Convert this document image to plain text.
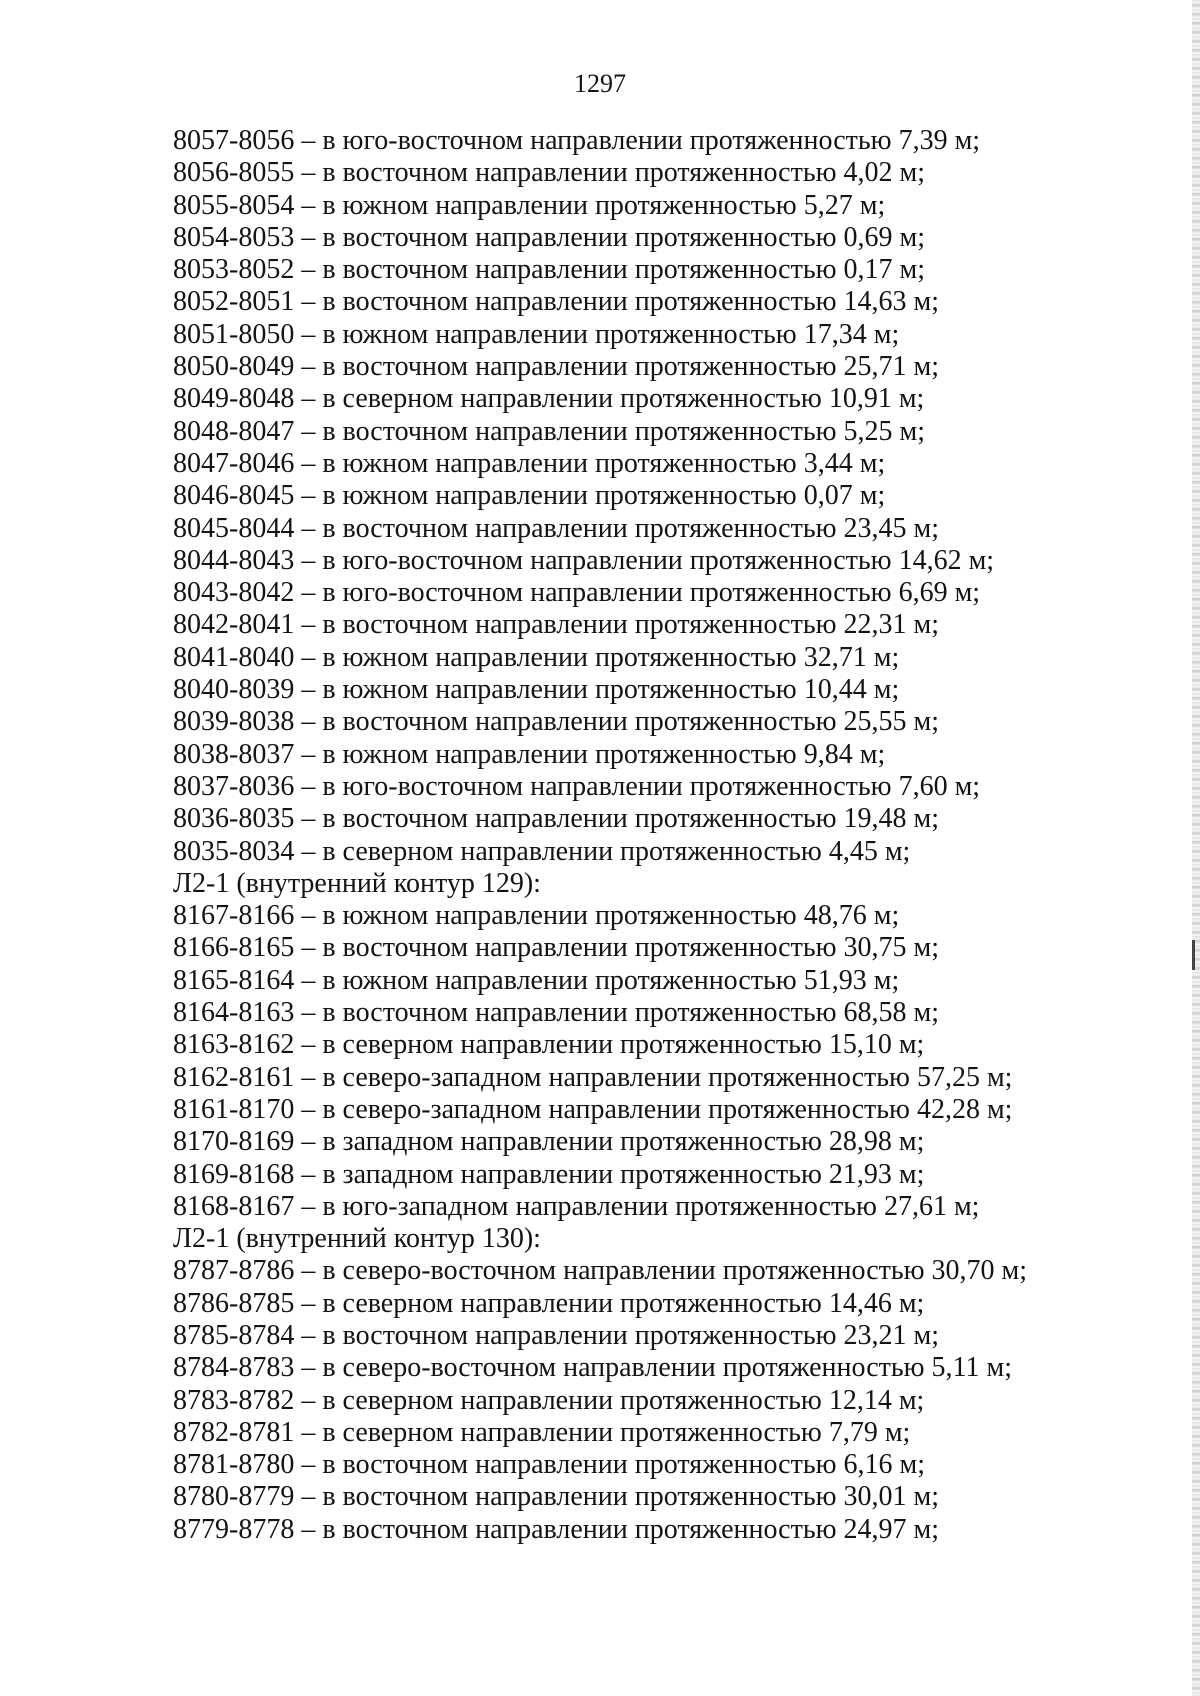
1297
8057-8056 – в юго-восточном направлении протяженностью 7,39 м;
8056-8055 – в восточном направлении протяженностью 4,02 м;
8055-8054 – в южном направлении протяженностью 5,27 м;
8054-8053 – в восточном направлении протяженностью 0,69 м;
8053-8052 – в восточном направлении протяженностью 0,17 м;
8052-8051 – в восточном направлении протяженностью 14,63 м;
8051-8050 – в южном направлении протяженностью 17,34 м;
8050-8049 – в восточном направлении протяженностью 25,71 м;
8049-8048 – в северном направлении протяженностью 10,91 м;
8048-8047 – в восточном направлении протяженностью 5,25 м;
8047-8046 – в южном направлении протяженностью 3,44 м;
8046-8045 – в южном направлении протяженностью 0,07 м;
8045-8044 – в восточном направлении протяженностью 23,45 м;
8044-8043 – в юго-восточном направлении протяженностью 14,62 м;
8043-8042 – в юго-восточном направлении протяженностью 6,69 м;
8042-8041 – в восточном направлении протяженностью 22,31 м;
8041-8040 – в южном направлении протяженностью 32,71 м;
8040-8039 – в южном направлении протяженностью 10,44 м;
8039-8038 – в восточном направлении протяженностью 25,55 м;
8038-8037 – в южном направлении протяженностью 9,84 м;
8037-8036 – в юго-восточном направлении протяженностью 7,60 м;
8036-8035 – в восточном направлении протяженностью 19,48 м;
8035-8034 – в северном направлении протяженностью 4,45 м;
Л2-1 (внутренний контур 129):
8167-8166 – в южном направлении протяженностью 48,76 м;
8166-8165 – в восточном направлении протяженностью 30,75 м;
8165-8164 – в южном направлении протяженностью 51,93 м;
8164-8163 – в восточном направлении протяженностью 68,58 м;
8163-8162 – в северном направлении протяженностью 15,10 м;
8162-8161 – в северо-западном направлении протяженностью 57,25 м;
8161-8170 – в северо-западном направлении протяженностью 42,28 м;
8170-8169 – в западном направлении протяженностью 28,98 м;
8169-8168 – в западном направлении протяженностью 21,93 м;
8168-8167 – в юго-западном направлении протяженностью 27,61 м;
Л2-1 (внутренний контур 130):
8787-8786 – в северо-восточном направлении протяженностью 30,70 м;
8786-8785 – в северном направлении протяженностью 14,46 м;
8785-8784 – в восточном направлении протяженностью 23,21 м;
8784-8783 – в северо-восточном направлении протяженностью 5,11 м;
8783-8782 – в северном направлении протяженностью 12,14 м;
8782-8781 – в северном направлении протяженностью 7,79 м;
8781-8780 – в восточном направлении протяженностью 6,16 м;
8780-8779 – в восточном направлении протяженностью 30,01 м;
8779-8778 – в восточном направлении протяженностью 24,97 м;
